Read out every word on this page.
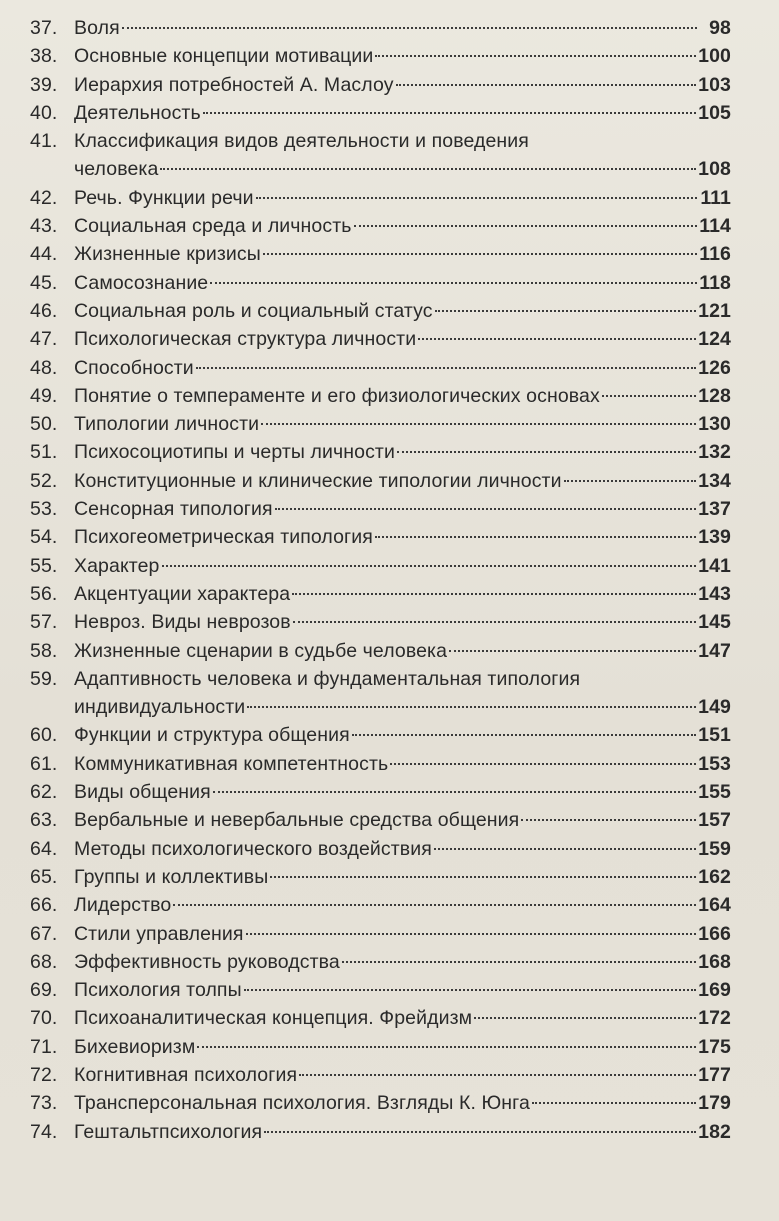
37. Воля	98
38. Основные концепции мотивации	100
39. Иерархия потребностей А. Маслоу	103
40. Деятельность	105
41. Классификация видов деятельности и поведения
человека	108
42. Речь. Функции речи	111
43. Социальная среда и личность	114
44. Жизненные кризисы	116
45. Самосознание	118
46. Социальная роль и социальный статус	121
47. Психологическая структура личности	124
48. Способности	126
49. Понятие о темпераменте и его физиологических основах	128
50. Типологии личности	130
51. Психосоциотипы и черты личности	132
52. Конституционные и клинические типологии личности	134
53. Сенсорная типология	137
54. Психогеометрическая типология	139
55. Характер	141
56. Акцентуации характера	143
57. Невроз. Виды неврозов	145
58. Жизненные сценарии в судьбе человека	147
59. Адаптивность человека и фундаментальная типология
индивидуальности	149
60. Функции и структура общения	151
61. Коммуникативная компетентность	153
62. Виды общения	155
63. Вербальные и невербальные средства общения	157
64. Методы психологического воздействия	159
65. Группы и коллективы	162
66. Лидерство	164
67. Стили управления	166
68. Эффективность руководства	168
69. Психология толпы	169
70. Психоаналитическая концепция. Фрейдизм	172
71. Бихевиоризм	175
72. Когнитивная психология	177
73. Трансперсональная психология. Взгляды К. Юнга	179
74. Гештальтпсихология	182
